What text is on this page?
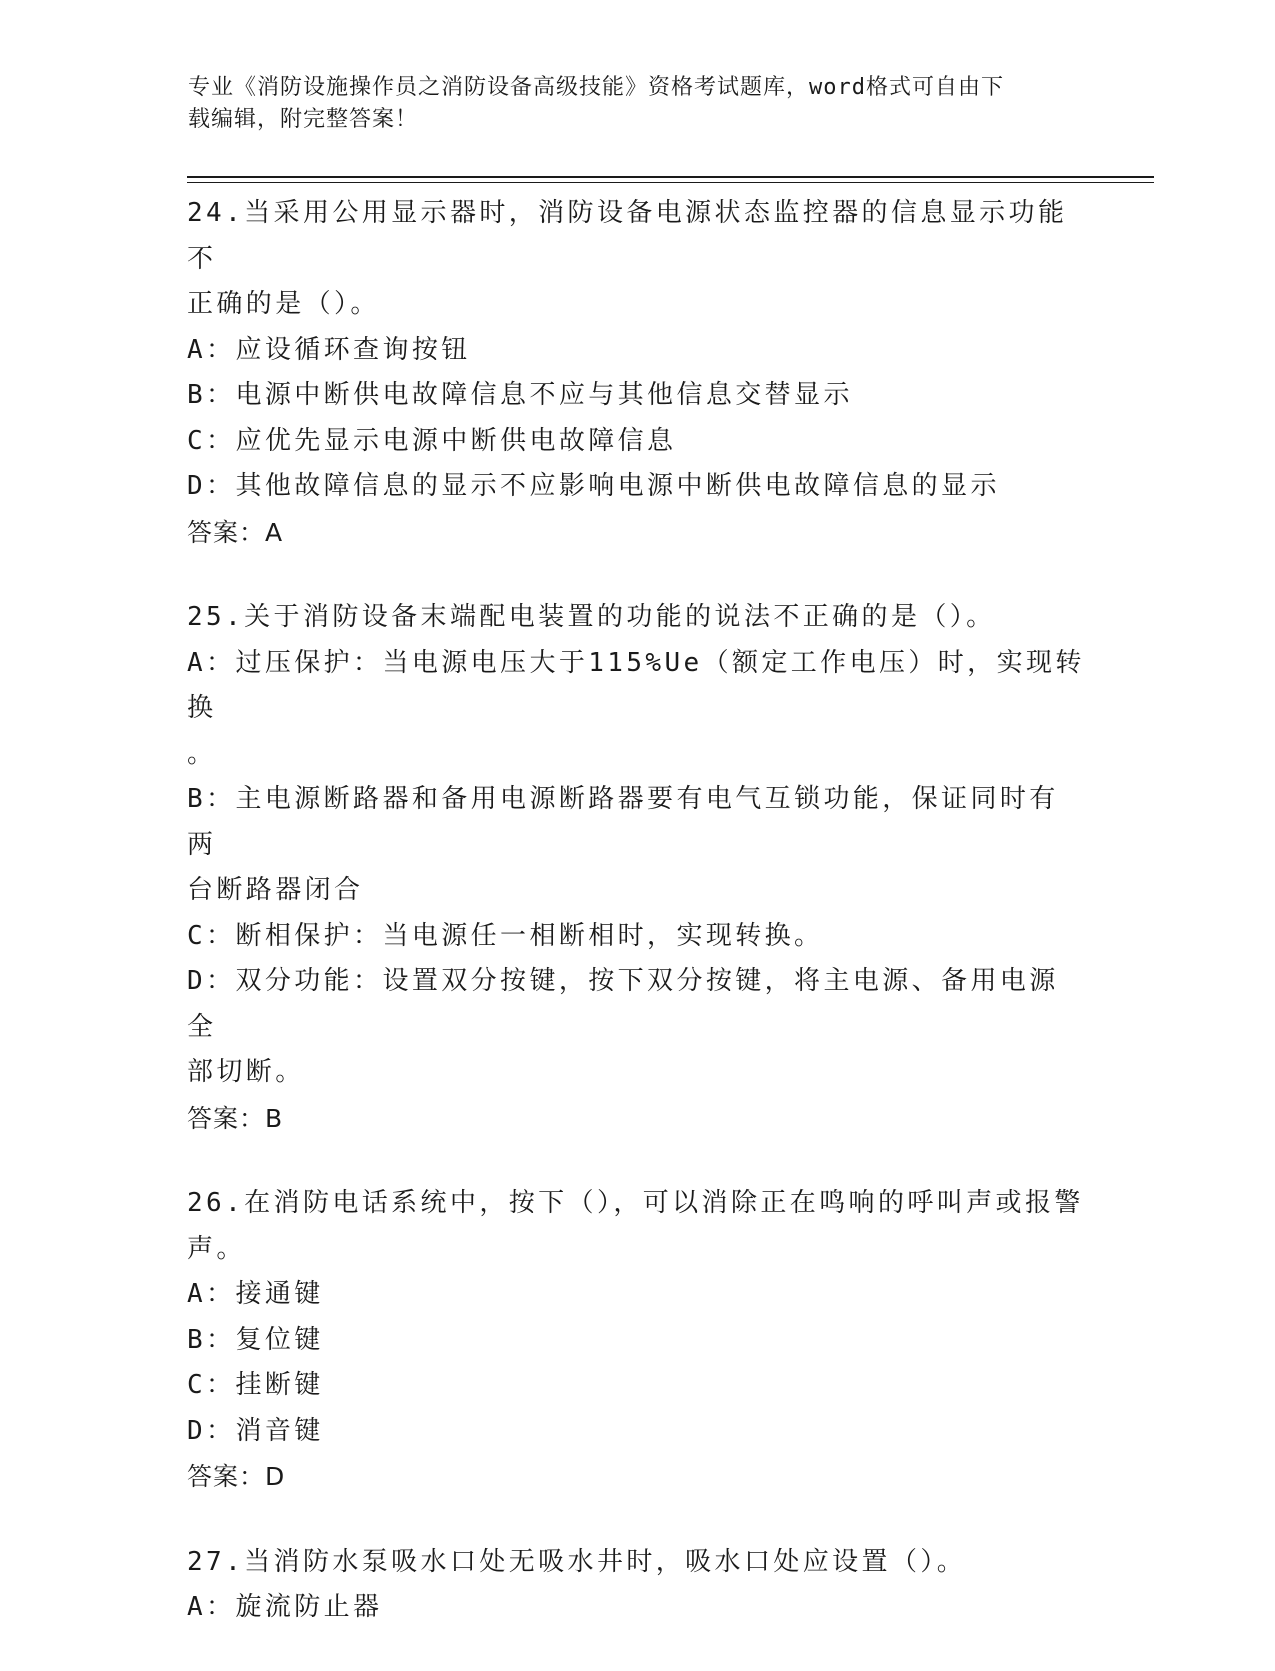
专业《消防设施操作员之消防设备高级技能》资格考试题库，word格式可自由下
载编辑，附完整答案！
24.当采用公用显示器时，消防设备电源状态监控器的信息显示功能不
正确的是（）。
A：应设循环查询按钮
B：电源中断供电故障信息不应与其他信息交替显示
C：应优先显示电源中断供电故障信息
D：其他故障信息的显示不应影响电源中断供电故障信息的显示
答案：A
25.关于消防设备末端配电装置的功能的说法不正确的是（）。
A：过压保护：当电源电压大于115%Ue（额定工作电压）时，实现转换
。
B：主电源断路器和备用电源断路器要有电气互锁功能，保证同时有两
台断路器闭合
C：断相保护：当电源任一相断相时，实现转换。
D：双分功能：设置双分按键，按下双分按键，将主电源、备用电源全
部切断。
答案：B
26.在消防电话系统中，按下（），可以消除正在鸣响的呼叫声或报警
声。
A：接通键
B：复位键
C：挂断键
D：消音键
答案：D
27.当消防水泵吸水口处无吸水井时，吸水口处应设置（）。
A：旋流防止器
